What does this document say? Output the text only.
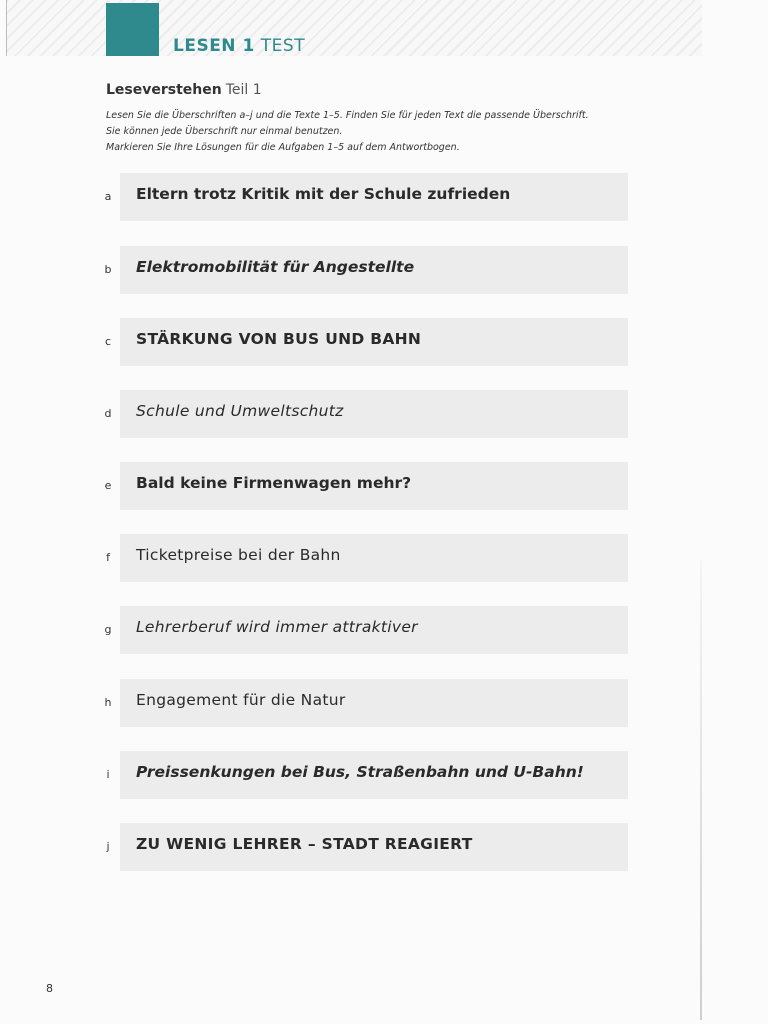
LESEN 1 TEST
Leseverstehen Teil 1
Lesen Sie die Überschriften a–j und die Texte 1–5. Finden Sie für jeden Text die passende Überschrift.
Sie können jede Überschrift nur einmal benutzen.
Markieren Sie Ihre Lösungen für die Aufgaben 1–5 auf dem Antwortbogen.
a Eltern trotz Kritik mit der Schule zufrieden
b Elektromobilität für Angestellte
c	STÄRKUNG VON BUS UND BAHN
d Schule und Umweltschutz
e Bald keine Firmenwagen mehr?
f	Ticketpreise bei der Bahn
g Lehrerberuf wird immer attraktiver
h Engagement für die Natur
i	Preissenkungen bei Bus, Straßenbahn und U-Bahn!
j	ZU WENIG LEHRER – STADT REAGIERT
8
